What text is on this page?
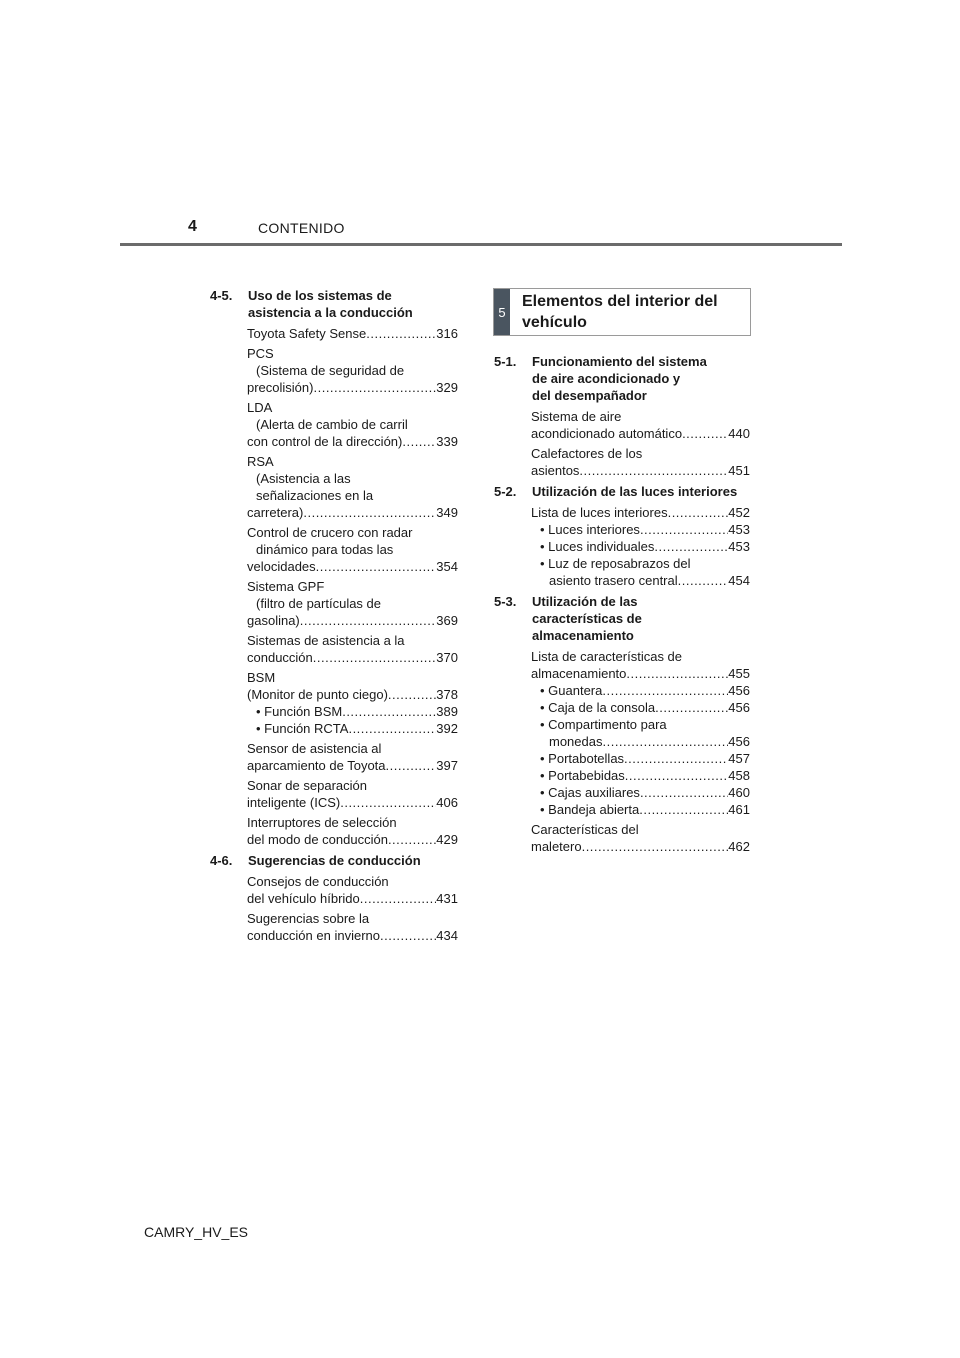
4	CONTENIDO
4-5.	Uso de los sistemas de
asistencia a la conducción
Toyota Safety Sense .....	316
PCS
(Sistema de seguridad de
precolisión) .....	329
LDA
(Alerta de cambio de carril
con control de la dirección) .....	339
RSA
(Asistencia a las
señalizaciones en la
carretera) .....	349
Control de crucero con radar
dinámico para todas las
velocidades .....	354
Sistema GPF
(filtro de partículas de
gasolina) .....	369
Sistemas de asistencia a la
conducción .....	370
BSM
(Monitor de punto ciego) .....	378
• Función BSM .....	389
• Función RCTA .....	392
Sensor de asistencia al
aparcamiento de Toyota .....	397
Sonar de separación
inteligente (ICS) .....	406
Interruptores de selección
del modo de conducción .....	429
4-6.	Sugerencias de conducción
Consejos de conducción
del vehículo híbrido .....	431
Sugerencias sobre la
conducción en invierno .....	434
5
Elementos del interior del
vehículo
5-1.	Funcionamiento del sistema
de aire acondicionado y
del desempañador
Sistema de aire
acondicionado automático .....	440
Calefactores de los
asientos .....	451
5-2.	Utilización de las luces interiores
Lista de luces interiores .....	452
• Luces interiores .....	453
• Luces individuales .....	453
• Luz de reposabrazos del
asiento trasero central .....	454
5-3.	Utilización de las
características de
almacenamiento
Lista de características de
almacenamiento .....	455
• Guantera .....	456
• Caja de la consola .....	456
• Compartimento para
monedas .....	456
• Portabotellas .....	457
• Portabebidas .....	458
• Cajas auxiliares .....	460
• Bandeja abierta .....	461
Características del
maletero .....	462
CAMRY_HV_ES
